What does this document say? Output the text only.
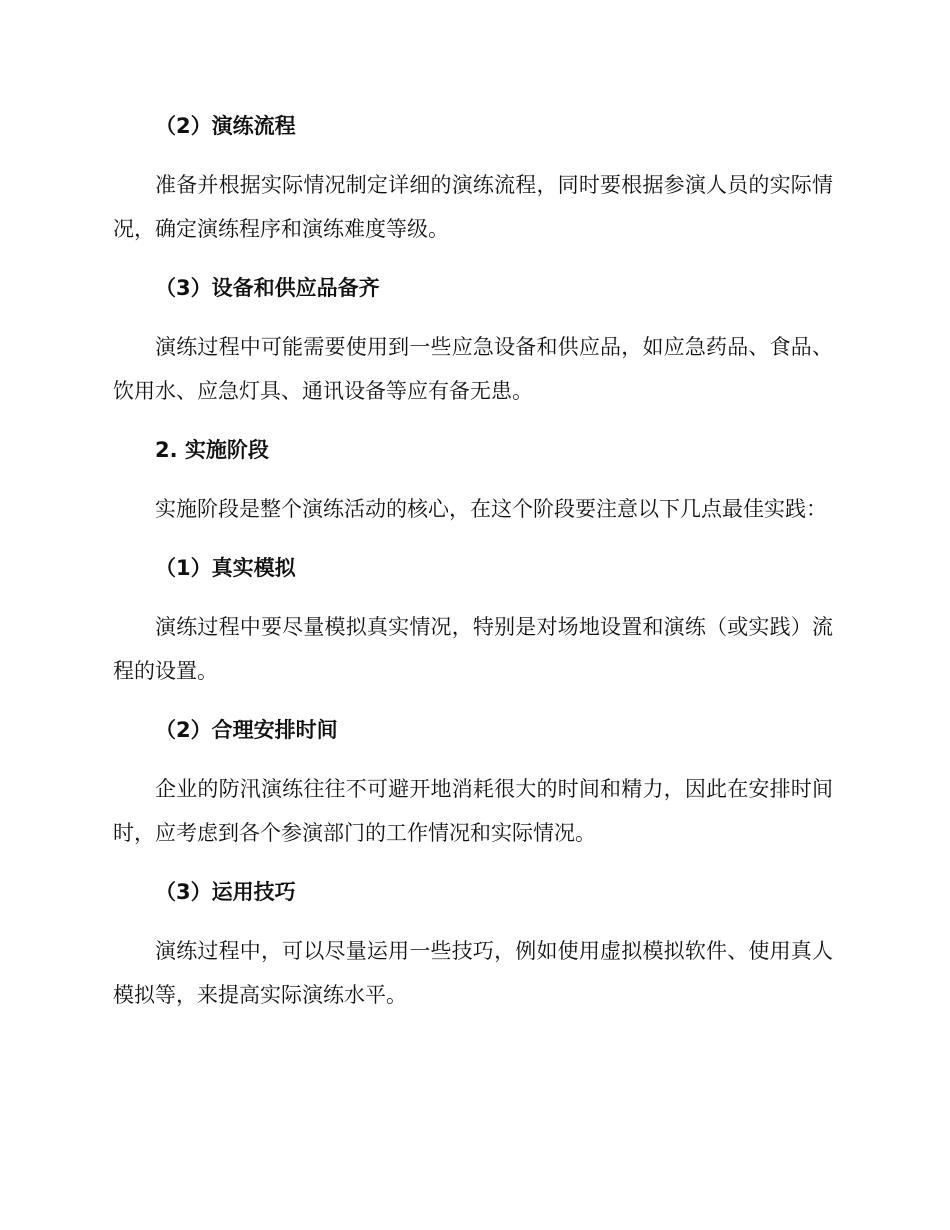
（2）演练流程
准备并根据实际情况制定详细的演练流程，同时要根据参演人员的实际情况，确定演练程序和演练难度等级。
（3）设备和供应品备齐
演练过程中可能需要使用到一些应急设备和供应品，如应急药品、食品、饮用水、应急灯具、通讯设备等应有备无患。
2. 实施阶段
实施阶段是整个演练活动的核心，在这个阶段要注意以下几点最佳实践：
（1）真实模拟
演练过程中要尽量模拟真实情况，特别是对场地设置和演练（或实践）流程的设置。
（2）合理安排时间
企业的防汛演练往往不可避开地消耗很大的时间和精力，因此在安排时间时，应考虑到各个参演部门的工作情况和实际情况。
（3）运用技巧
演练过程中，可以尽量运用一些技巧，例如使用虚拟模拟软件、使用真人模拟等，来提高实际演练水平。
